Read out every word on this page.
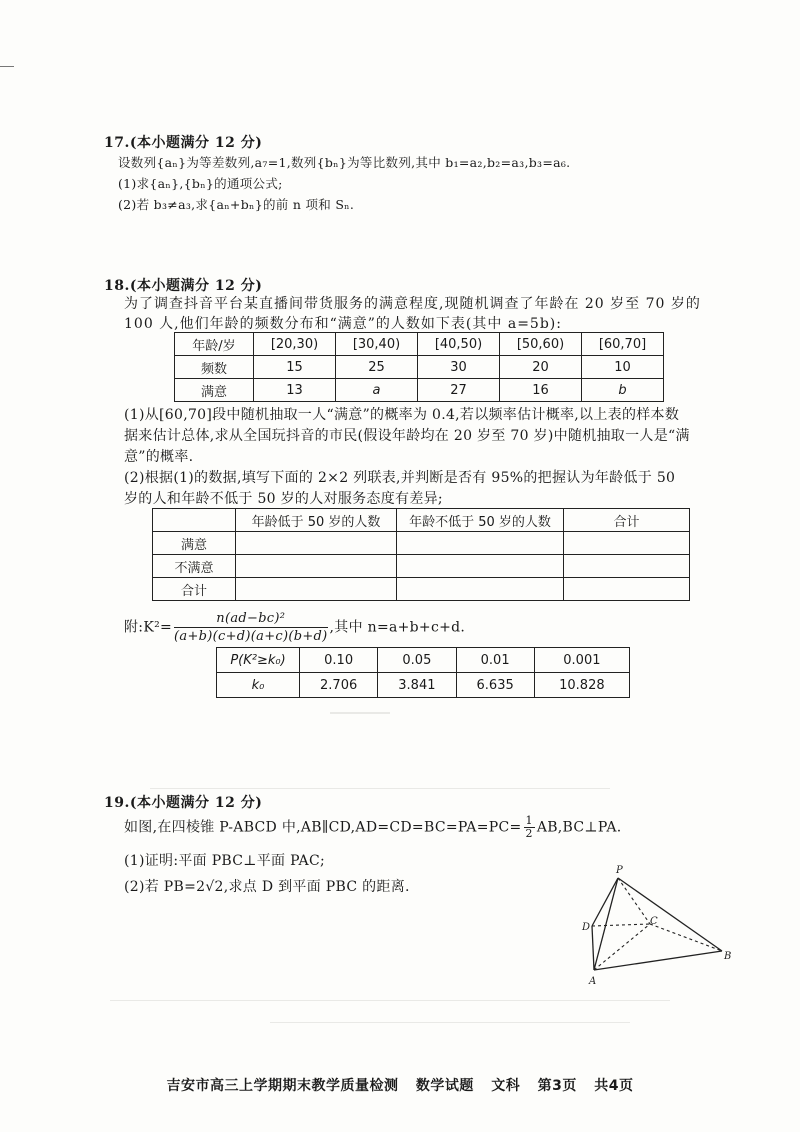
17.(本小题满分 12 分)
设数列{aₙ}为等差数列,a₇=1,数列{bₙ}为等比数列,其中 b₁=a₂,b₂=a₃,b₃=a₆.
(1)求{aₙ},{bₙ}的通项公式;
(2)若 b₃≠a₃,求{aₙ+bₙ}的前 n 项和 Sₙ.
18.(本小题满分 12 分)
为了调查抖音平台某直播间带货服务的满意程度,现随机调查了年龄在 20 岁至 70 岁的
100 人,他们年龄的频数分布和“满意”的人数如下表(其中 a=5b):
年龄/岁	[20,30)	[30,40)	[40,50)	[50,60)	[60,70]
频数	15	25	30	20	10
满意	13	a	27	16	b
(1)从[60,70]段中随机抽取一人“满意”的概率为 0.4,若以频率估计概率,以上表的样本数
据来估计总体,求从全国玩抖音的市民(假设年龄均在 20 岁至 70 岁)中随机抽取一人是“满
意”的概率.
(2)根据(1)的数据,填写下面的 2×2 列联表,并判断是否有 95%的把握认为年龄低于 50
岁的人和年龄不低于 50 岁的人对服务态度有差异;
	年龄低于 50 岁的人数	年龄不低于 50 岁的人数	合计
满意			
不满意			
合计			
附:K²= $\frac{\text{n(ad−bc)²}}{(a+b)(c+d)(a+c)(b+d)}$ ,其中 n=a+b+c+d.
P(K²≥k₀)	0.10	0.05	0.01	0.001
k₀	2.706	3.841	6.635	10.828
19.(本小题满分 12 分)
如图,在四棱锥 P-ABCD 中,AB∥CD,AD=CD=BC=PA=PC= $\frac{1}{2}$ AB,BC⊥PA.
(1)证明:平面 PBC⊥平面 PAC;
(2)若 PB=2√2,求点 D 到平面 PBC 的距离.
P
D
C
A
B
吉安市高三上学期期末教学质量检测 数学试题 文科 第3页 共4页
